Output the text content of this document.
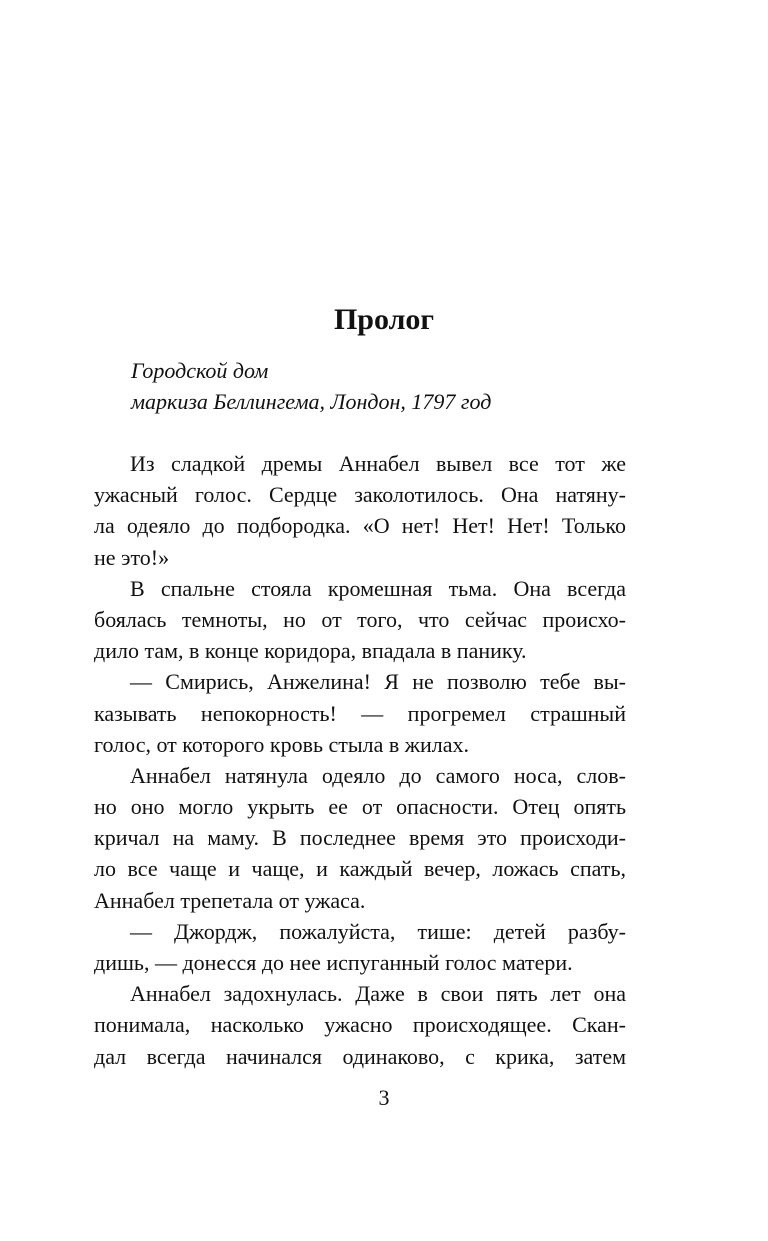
Пролог
Городской дом
маркиза Беллингема, Лондон, 1797 год
Из сладкой дремы Аннабел вывел все тот же
ужасный голос. Сердце заколотилось. Она натяну-
ла одеяло до подбородка. «О нет! Нет! Нет! Только
не это!»
В спальне стояла кромешная тьма. Она всегда
боялась темноты, но от того, что сейчас происхо-
дило там, в конце коридора, впадала в панику.
— Смирись, Анжелина! Я не позволю тебе вы-
казывать непокорность! — прогремел страшный
голос, от которого кровь стыла в жилах.
Аннабел натянула одеяло до самого носа, слов-
но оно могло укрыть ее от опасности. Отец опять
кричал на маму. В последнее время это происходи-
ло все чаще и чаще, и каждый вечер, ложась спать,
Аннабел трепетала от ужаса.
— Джордж, пожалуйста, тише: детей разбу-
дишь, — донесся до нее испуганный голос матери.
Аннабел задохнулась. Даже в свои пять лет она
понимала, насколько ужасно происходящее. Скан-
дал всегда начинался одинаково, с крика, затем
3
